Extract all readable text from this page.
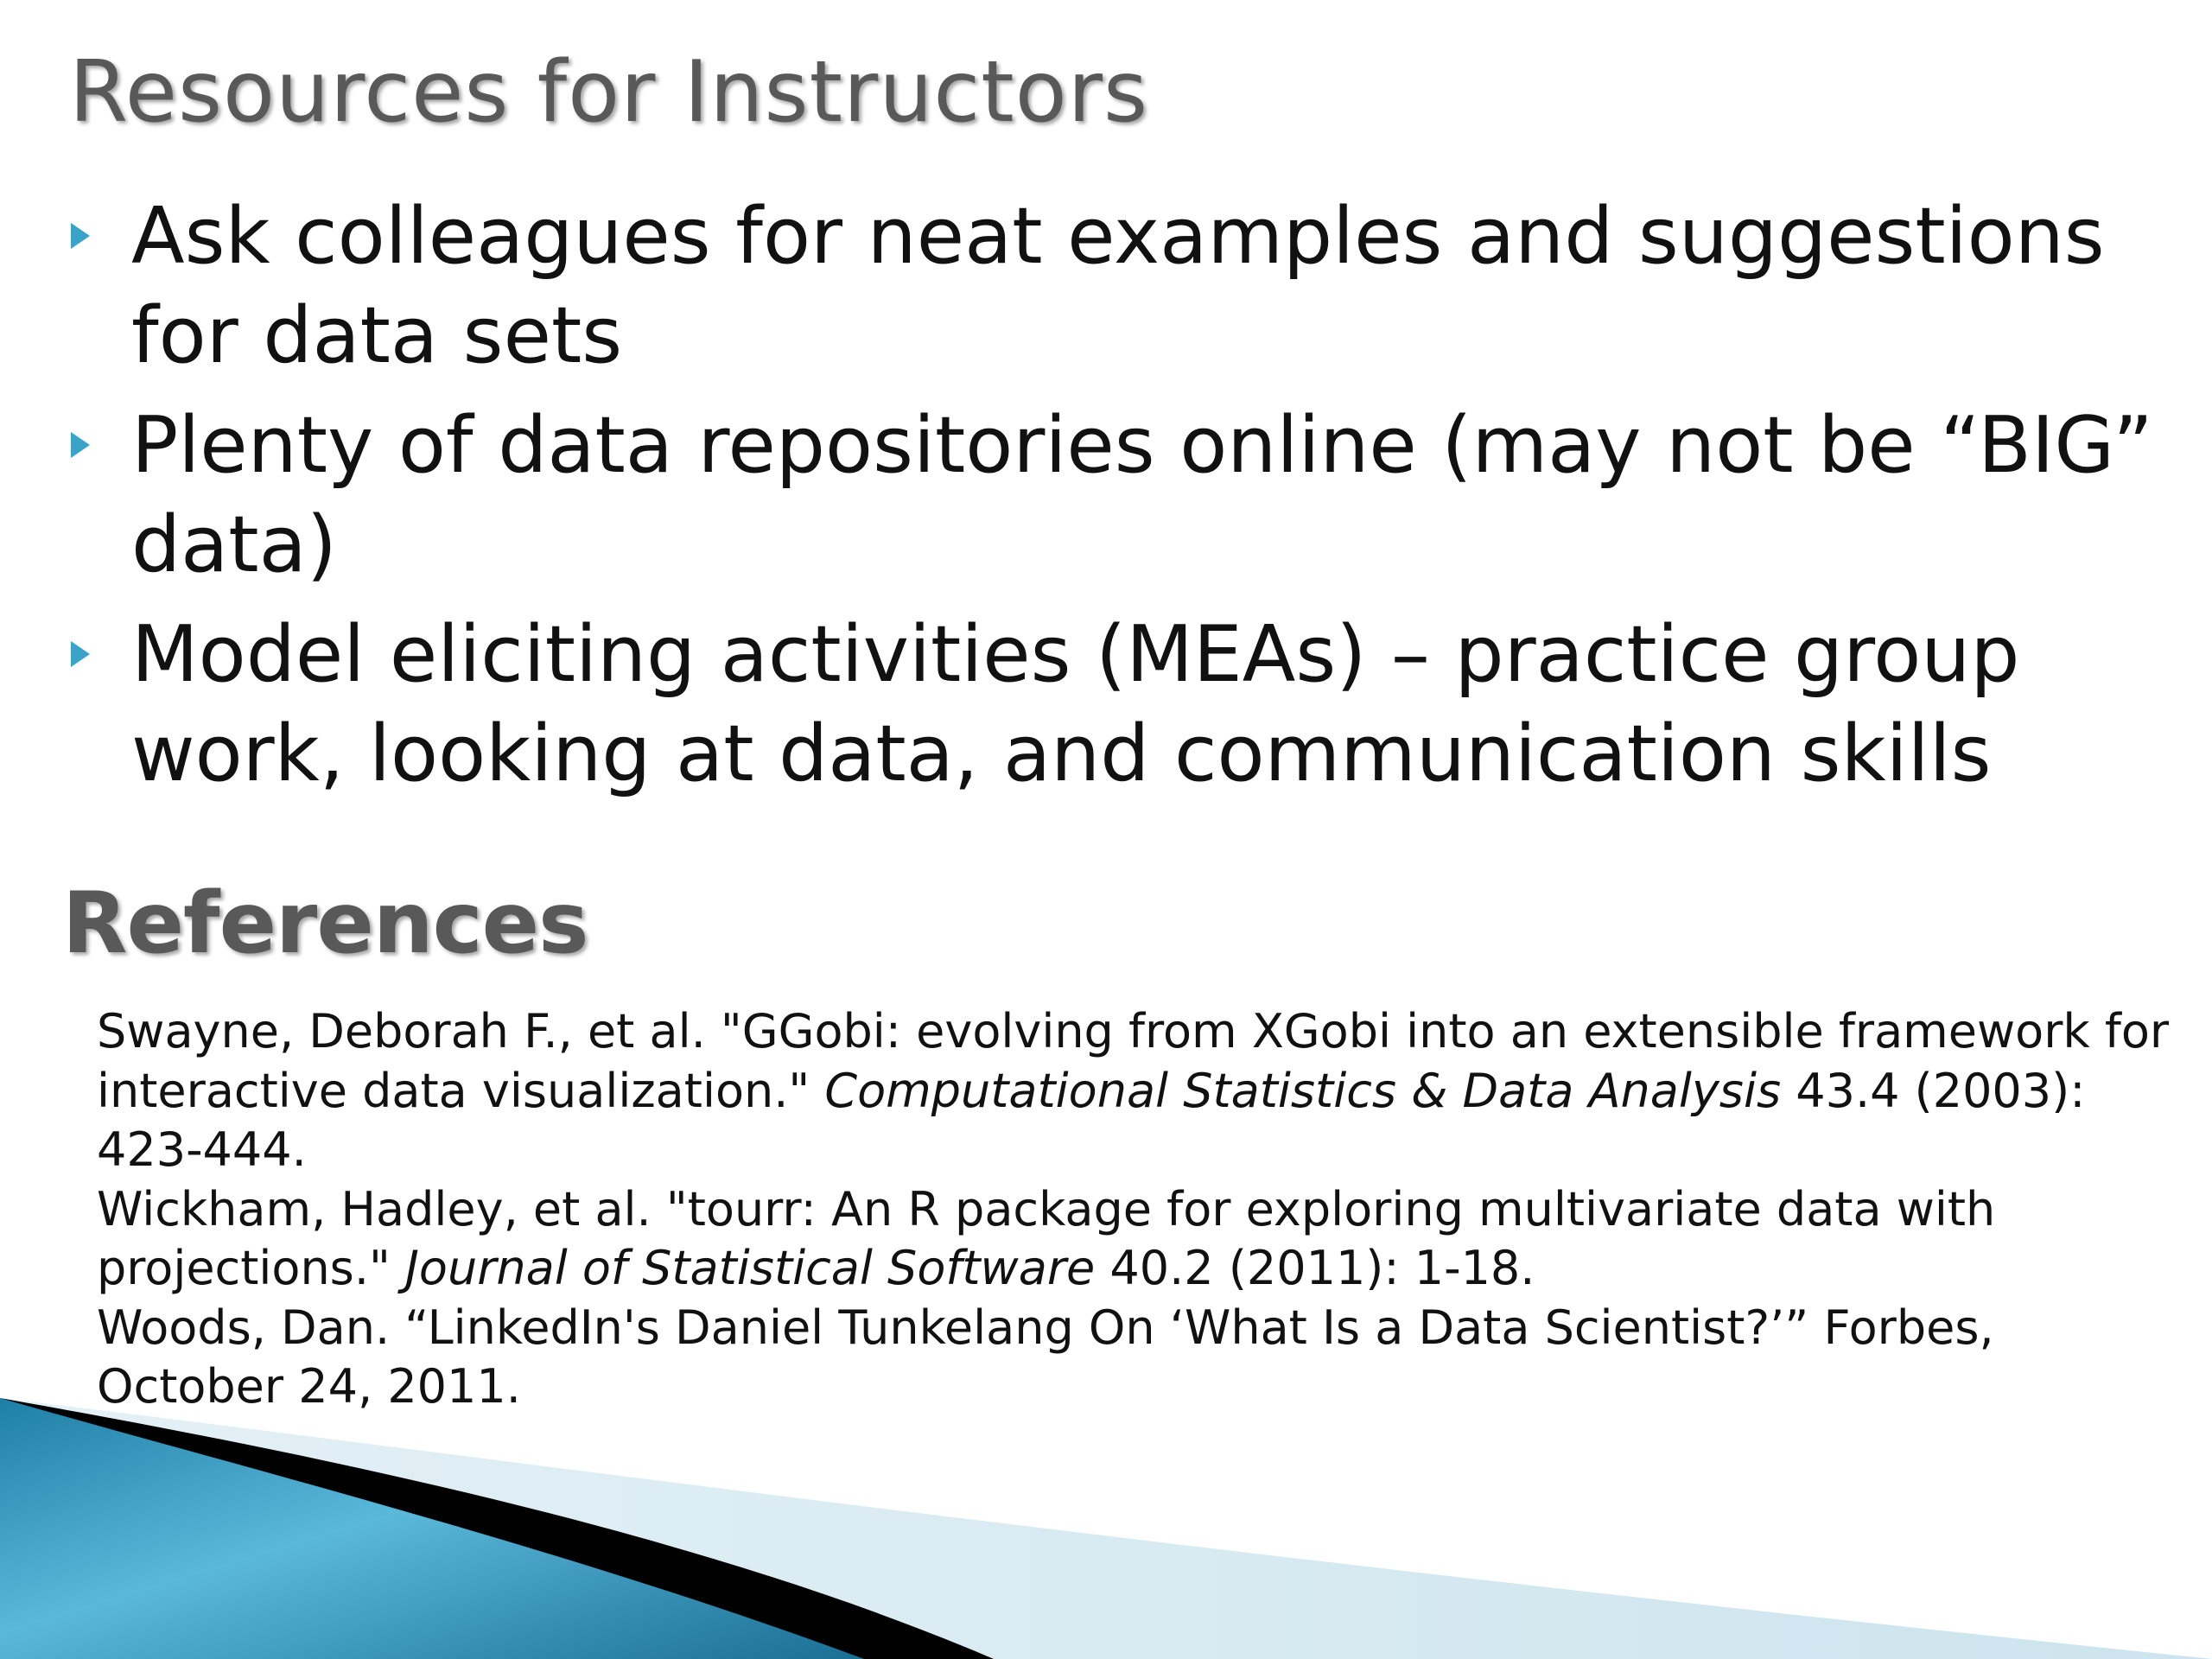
Resources for Instructors
Ask colleagues for neat examples and suggestions for data sets
Plenty of data repositories online (may not be “BIG” data)
Model eliciting activities (MEAs) – practice group work, looking at data, and communication skills
References

Swayne, Deborah F., et al. "GGobi: evolving from XGobi into an extensible framework for interactive data visualization." Computational Statistics & Data Analysis 43.4 (2003): 423-444.

Wickham, Hadley, et al. "tourr: An R package for exploring multivariate data with projections." Journal of Statistical Software 40.2 (2011): 1-18.

Woods, Dan. “LinkedIn's Daniel Tunkelang On ‘What Is a Data Scientist?’” Forbes, October 24, 2011.
